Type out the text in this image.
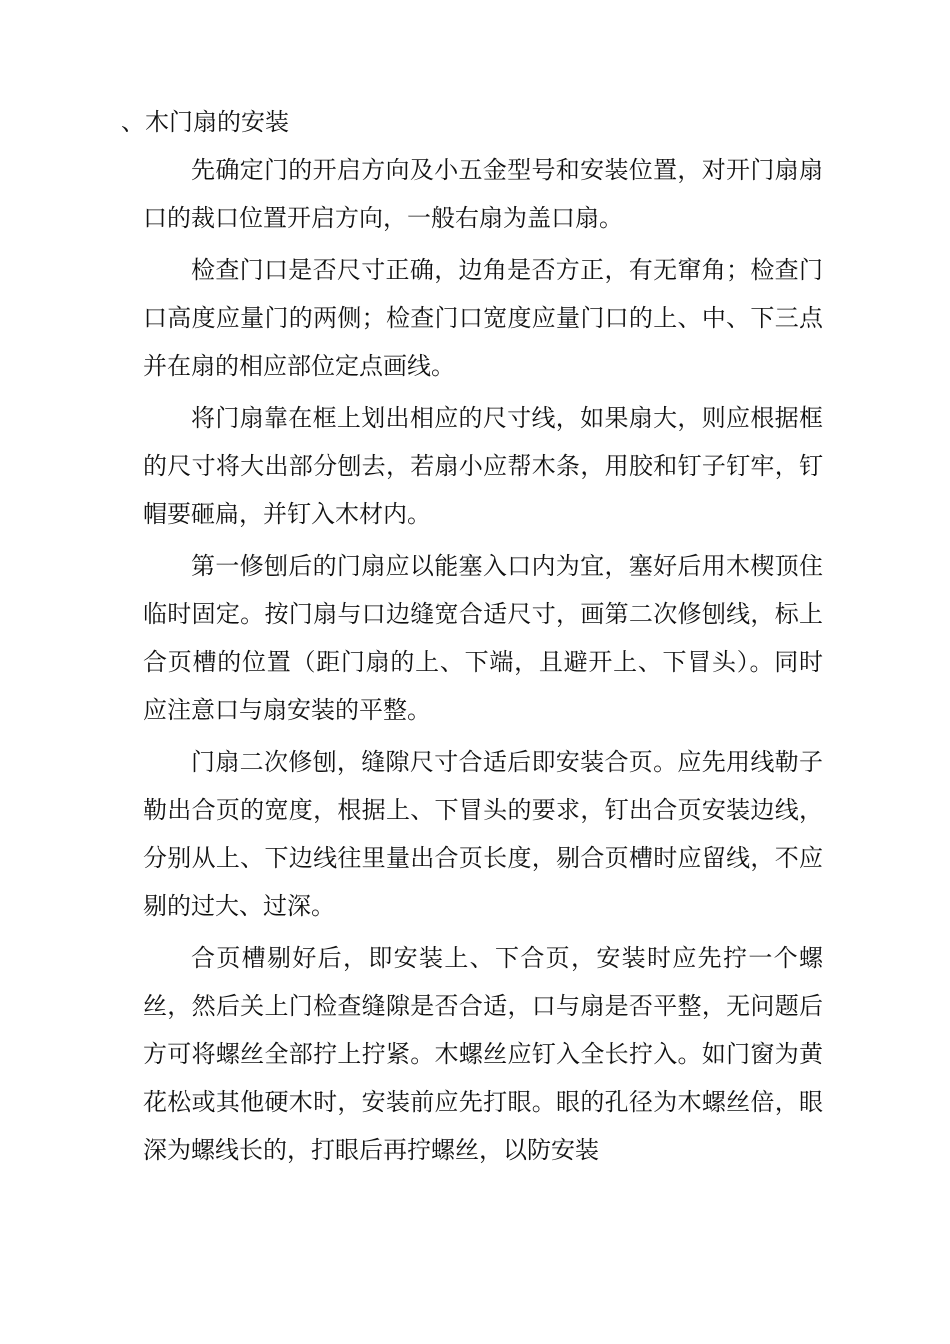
、木门扇的安装

先确定门的开启方向及小五金型号和安装位置，对开门扇扇口的裁口位置开启方向，一般右扇为盖口扇。

检查门口是否尺寸正确，边角是否方正，有无窜角；检查门口高度应量门的两侧；检查门口宽度应量门口的上、中、下三点并在扇的相应部位定点画线。

将门扇靠在框上划出相应的尺寸线，如果扇大，则应根据框的尺寸将大出部分刨去，若扇小应帮木条，用胶和钉子钉牢，钉帽要砸扁，并钉入木材内。

第一修刨后的门扇应以能塞入口内为宜，塞好后用木楔顶住临时固定。按门扇与口边缝宽合适尺寸，画第二次修刨线，标上合页槽的位置（距门扇的上、下端，且避开上、下冒头）。同时应注意口与扇安装的平整。

门扇二次修刨，缝隙尺寸合适后即安装合页。应先用线勒子勒出合页的宽度，根据上、下冒头的要求，钉出合页安装边线，分别从上、下边线往里量出合页长度，剔合页槽时应留线，不应剔的过大、过深。

合页槽剔好后，即安装上、下合页，安装时应先拧一个螺丝，然后关上门检查缝隙是否合适，口与扇是否平整，无问题后方可将螺丝全部拧上拧紧。木螺丝应钉入全长拧入。如门窗为黄花松或其他硬木时，安装前应先打眼。眼的孔径为木螺丝倍，眼深为螺线长的，打眼后再拧螺丝，以防安装
